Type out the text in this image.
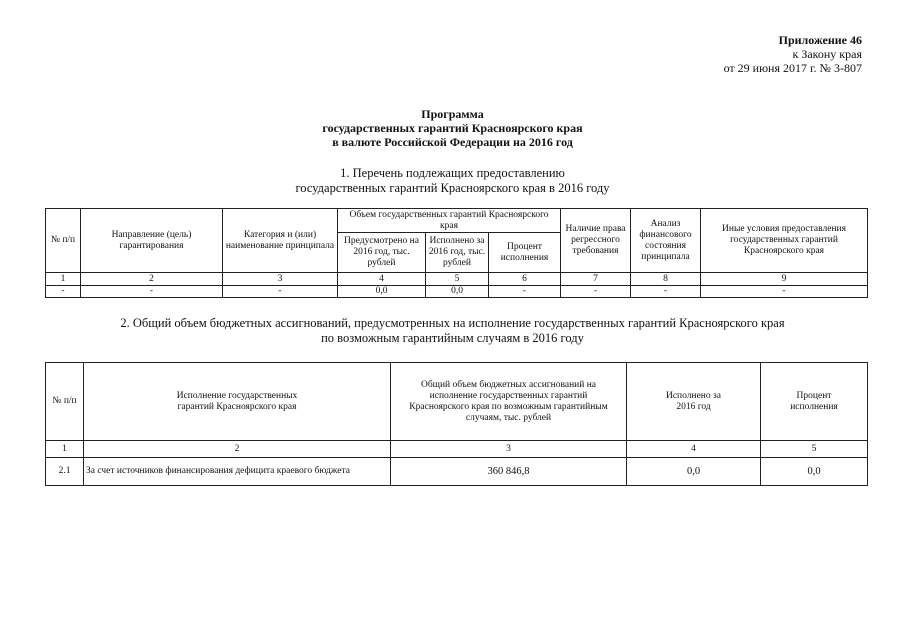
Приложение 46
к Закону края
от 29 июня 2017 г. № 3-807
Программа
государственных гарантий Красноярского края
в валюте Российской Федерации на 2016 год
1. Перечень подлежащих предоставлению
государственных гарантий Красноярского края в 2016 году
№ п/п	Направление (цель) гарантирования	Категория и (или) наименование принципала	Объем государственных гарантий Красноярского края			Наличие права регрессного требования	Анализ финансового состояния принципала	Иные условия предоставления государственных гарантий Красноярского края
			Предусмотрено на 2016 год, тыс. рублей	Исполнено за 2016 год, тыс. рублей	Процент исполнения			
1	2	3	4	5	6	7	8	9
-	-	-	0,0	0,0	-	-	-	-
2. Общий объем бюджетных ассигнований, предусмотренных на исполнение государственных гарантий Красноярского края
по возможным гарантийным случаям в 2016 году
№ п/п	Исполнение государственных гарантий Красноярского края	Общий объем бюджетных ассигнований на исполнение государственных гарантий Красноярского края по возможным гарантийным случаям, тыс. рублей	Исполнено за 2016 год	Процент исполнения
1	2	3	4	5
2.1	За счет источников финансирования дефицита краевого бюджета	360 846,8	0,0	0,0
